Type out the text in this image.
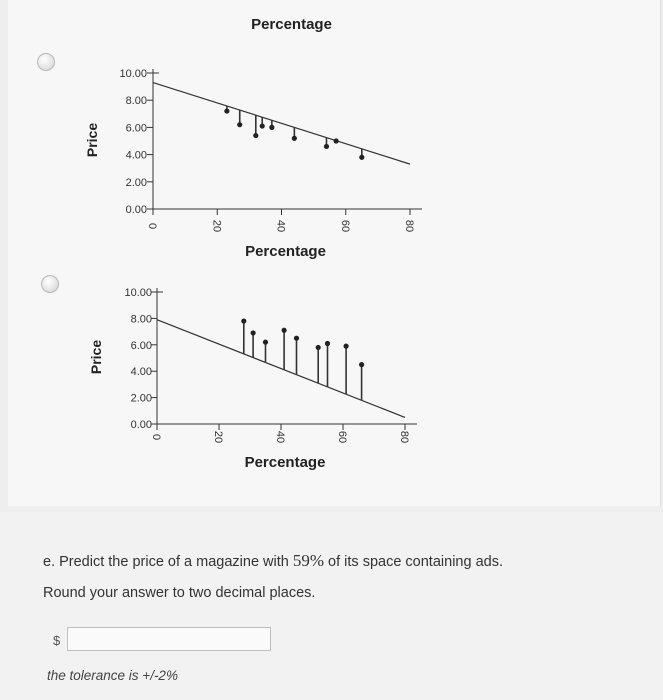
Percentage
10.00
8.00
6.00
4.00
2.00
0.00
0	20	40	60	80
Percentage
Price
10.00
8.00
6.00
4.00
2.00
0.00
0	20	40	60	80
Percentage
Price
e. Predict the price of a magazine with 59% of its space containing ads.
Round your answer to two decimal places.
$
the tolerance is +/-2%
